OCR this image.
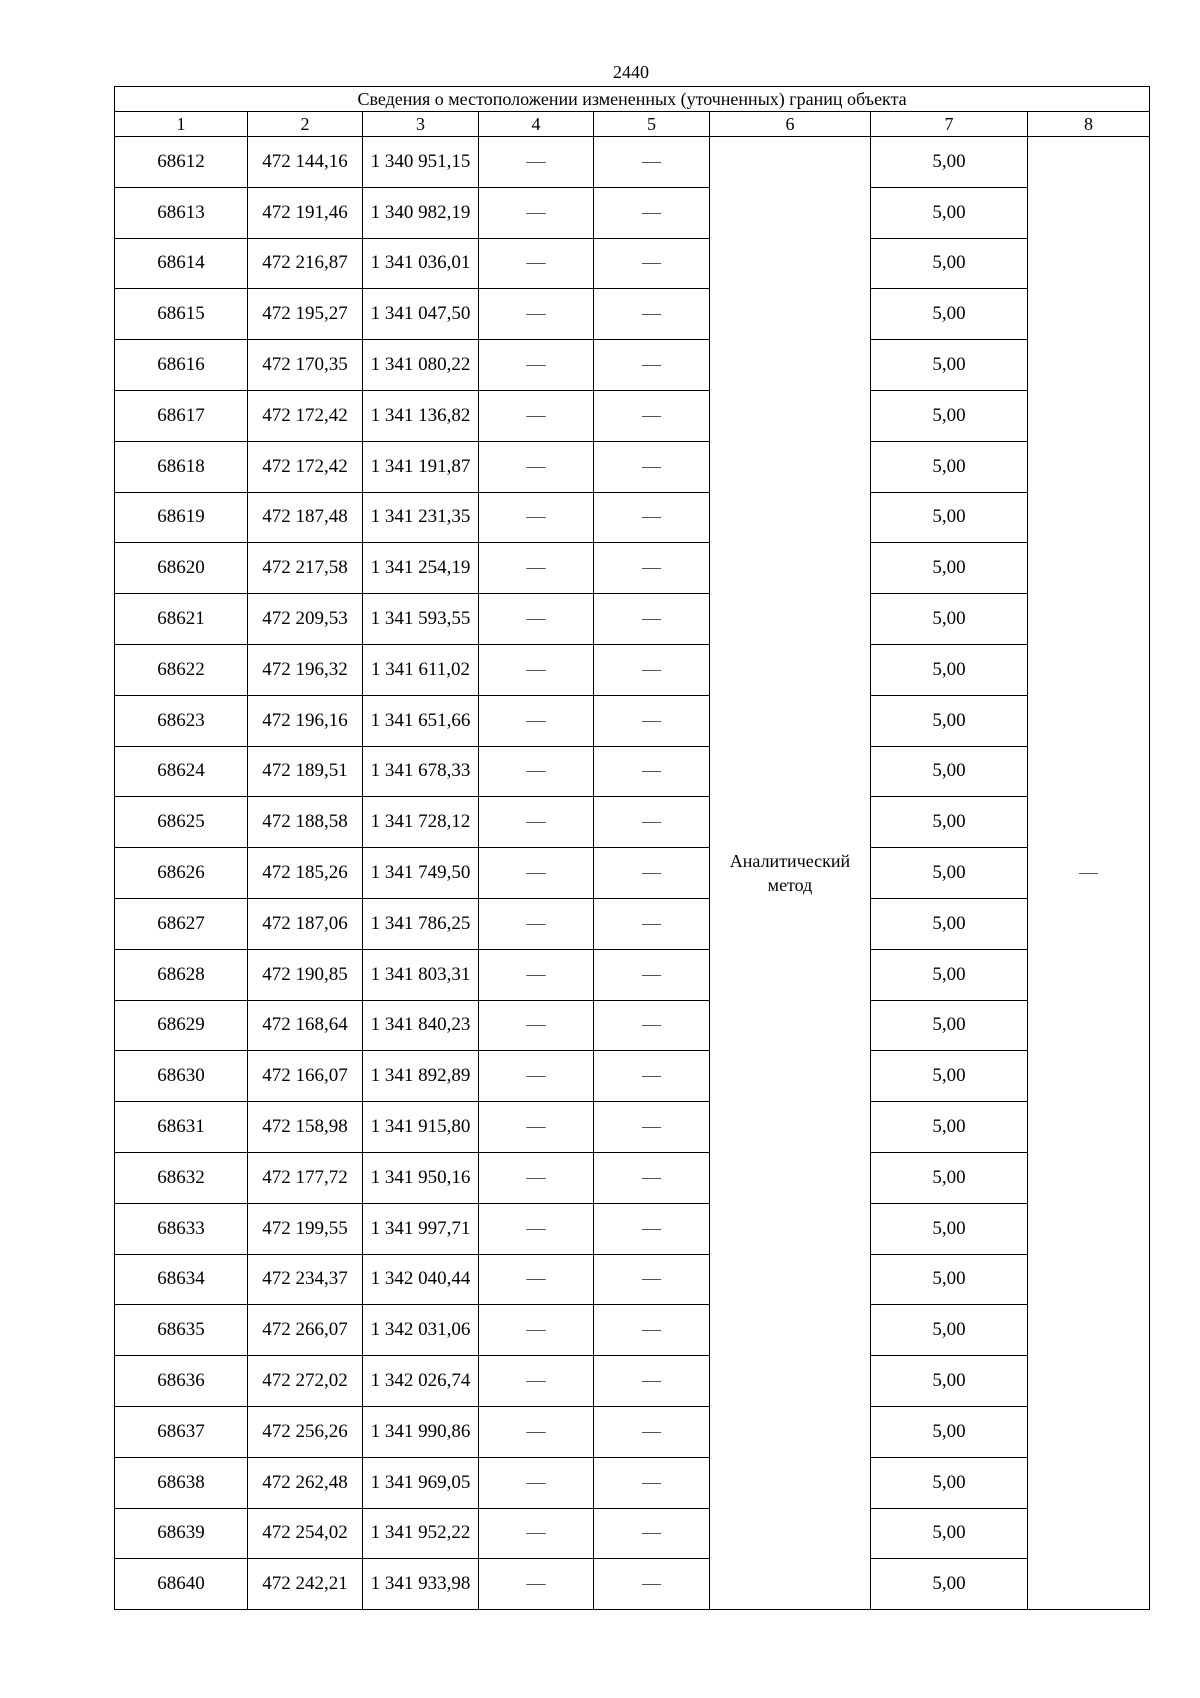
2440
Сведения о местоположении измененных (уточненных) границ объекта							
1	2	3	4	5	6	7	8
68612	472 144,16	1 340 951,15	—	—	Аналитический
метод	5,00	—
68613	472 191,46	1 340 982,19	—	—		5,00	
68614	472 216,87	1 341 036,01	—	—		5,00	
68615	472 195,27	1 341 047,50	—	—		5,00	
68616	472 170,35	1 341 080,22	—	—		5,00	
68617	472 172,42	1 341 136,82	—	—		5,00	
68618	472 172,42	1 341 191,87	—	—		5,00	
68619	472 187,48	1 341 231,35	—	—		5,00	
68620	472 217,58	1 341 254,19	—	—		5,00	
68621	472 209,53	1 341 593,55	—	—		5,00	
68622	472 196,32	1 341 611,02	—	—		5,00	
68623	472 196,16	1 341 651,66	—	—		5,00	
68624	472 189,51	1 341 678,33	—	—		5,00	
68625	472 188,58	1 341 728,12	—	—		5,00	
68626	472 185,26	1 341 749,50	—	—		5,00	
68627	472 187,06	1 341 786,25	—	—		5,00	
68628	472 190,85	1 341 803,31	—	—		5,00	
68629	472 168,64	1 341 840,23	—	—		5,00	
68630	472 166,07	1 341 892,89	—	—		5,00	
68631	472 158,98	1 341 915,80	—	—		5,00	
68632	472 177,72	1 341 950,16	—	—		5,00	
68633	472 199,55	1 341 997,71	—	—		5,00	
68634	472 234,37	1 342 040,44	—	—		5,00	
68635	472 266,07	1 342 031,06	—	—		5,00	
68636	472 272,02	1 342 026,74	—	—		5,00	
68637	472 256,26	1 341 990,86	—	—		5,00	
68638	472 262,48	1 341 969,05	—	—		5,00	
68639	472 254,02	1 341 952,22	—	—		5,00	
68640	472 242,21	1 341 933,98	—	—		5,00	
